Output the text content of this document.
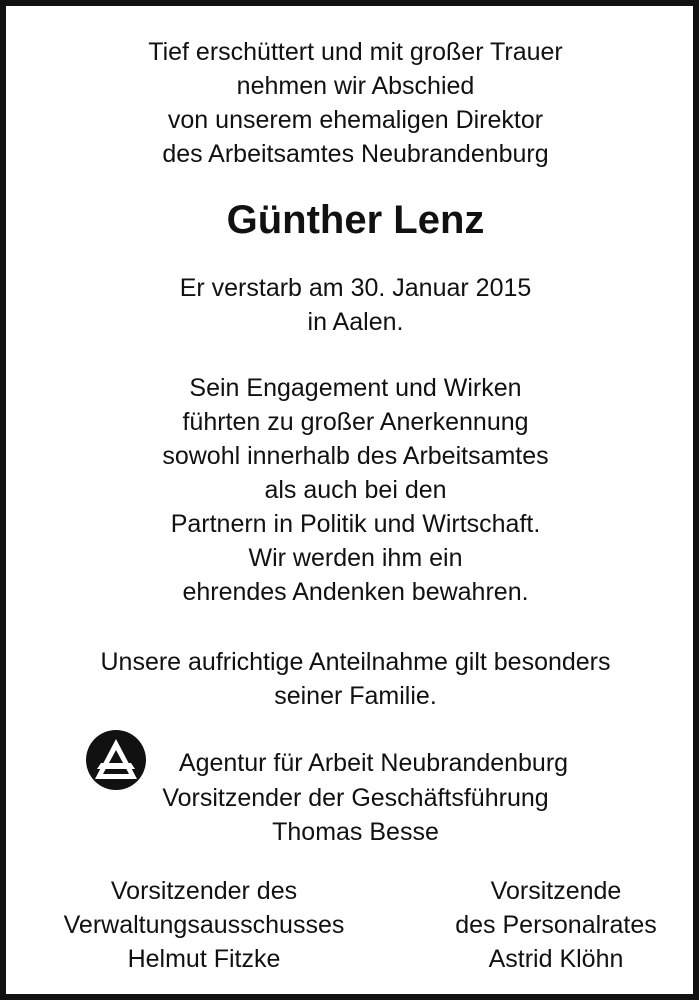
Tief erschüttert und mit großer Trauer
nehmen wir Abschied
von unserem ehemaligen Direktor
des Arbeitsamtes Neubrandenburg
Günther Lenz
Er verstarb am 30. Januar 2015
in Aalen.
Sein Engagement und Wirken
führten zu großer Anerkennung
sowohl innerhalb des Arbeitsamtes
als auch bei den
Partnern in Politik und Wirtschaft.
Wir werden ihm ein
ehrendes Andenken bewahren.
Unsere aufrichtige Anteilnahme gilt besonders
seiner Familie.
Agentur für Arbeit Neubrandenburg
Vorsitzender der Geschäftsführung
Thomas Besse
Vorsitzender des
Verwaltungsausschusses
Helmut Fitzke
Vorsitzende
des Personalrates
Astrid Klöhn
